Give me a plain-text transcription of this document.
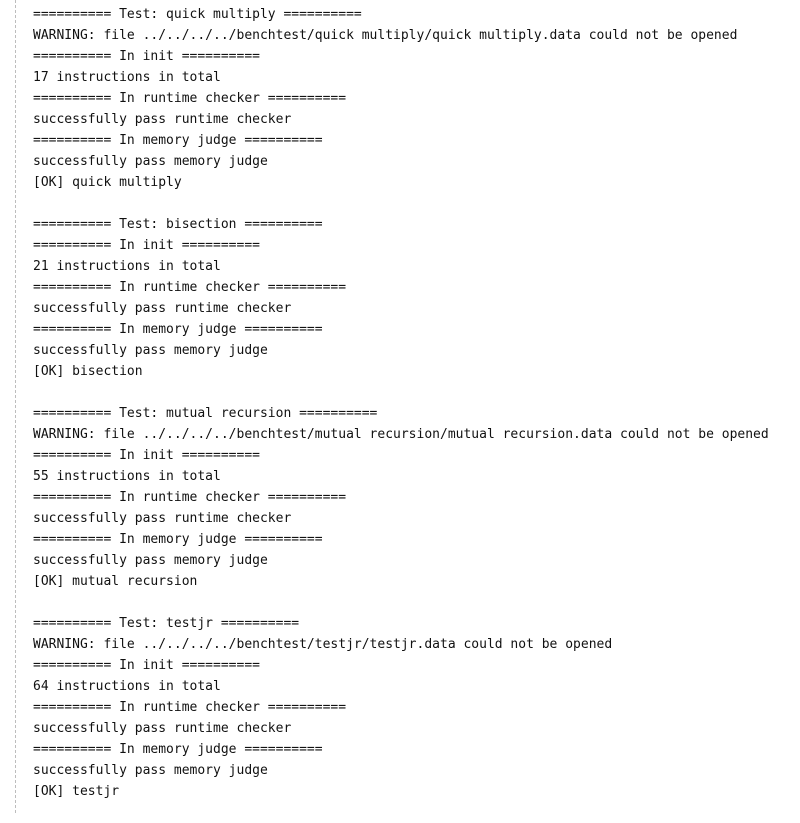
========== Test: quick multiply ==========
WARNING: file ../../../../benchtest/quick multiply/quick multiply.data could not be opened
========== In init ==========
17 instructions in total
========== In runtime checker ==========
successfully pass runtime checker
========== In memory judge ==========
successfully pass memory judge
[OK] quick multiply
========== Test: bisection ==========
========== In init ==========
21 instructions in total
========== In runtime checker ==========
successfully pass runtime checker
========== In memory judge ==========
successfully pass memory judge
[OK] bisection
========== Test: mutual recursion ==========
WARNING: file ../../../../benchtest/mutual recursion/mutual recursion.data could not be opened
========== In init ==========
55 instructions in total
========== In runtime checker ==========
successfully pass runtime checker
========== In memory judge ==========
successfully pass memory judge
[OK] mutual recursion
========== Test: testjr ==========
WARNING: file ../../../../benchtest/testjr/testjr.data could not be opened
========== In init ==========
64 instructions in total
========== In runtime checker ==========
successfully pass runtime checker
========== In memory judge ==========
successfully pass memory judge
[OK] testjr
